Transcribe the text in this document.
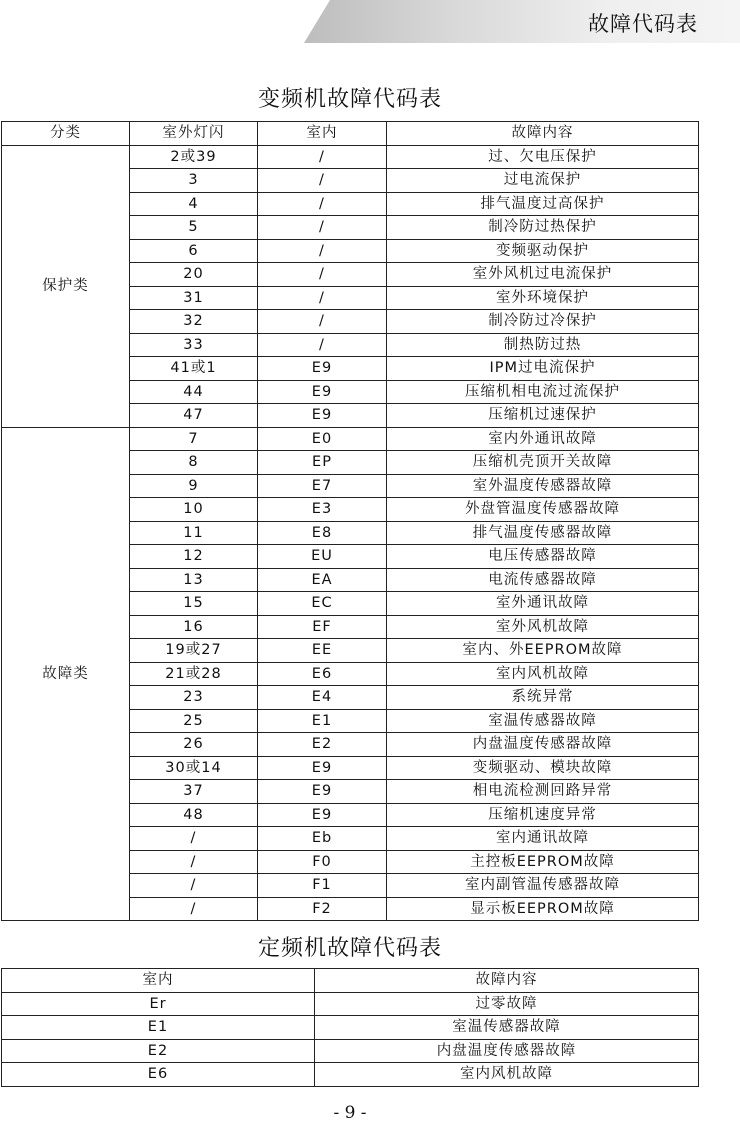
故障代码表
变频机故障代码表
分类	室外灯闪	室内	故障内容
保护类	2或39	/	过、欠电压保护
	3	/	过电流保护
	4	/	排气温度过高保护
	5	/	制冷防过热保护
	6	/	变频驱动保护
	20	/	室外风机过电流保护
	31	/	室外环境保护
	32	/	制冷防过冷保护
	33	/	制热防过热
	41或1	E9	IPM过电流保护
	44	E9	压缩机相电流过流保护
	47	E9	压缩机过速保护
故障类	7	E0	室内外通讯故障
	8	EP	压缩机壳顶开关故障
	9	E7	室外温度传感器故障
	10	E3	外盘管温度传感器故障
	11	E8	排气温度传感器故障
	12	EU	电压传感器故障
	13	EA	电流传感器故障
	15	EC	室外通讯故障
	16	EF	室外风机故障
	19或27	EE	室内、外EEPROM故障
	21或28	E6	室内风机故障
	23	E4	系统异常
	25	E1	室温传感器故障
	26	E2	内盘温度传感器故障
	30或14	E9	变频驱动、模块故障
	37	E9	相电流检测回路异常
	48	E9	压缩机速度异常
	/	Eb	室内通讯故障
	/	F0	主控板EEPROM故障
	/	F1	室内副管温传感器故障
	/	F2	显示板EEPROM故障
定频机故障代码表
室内	故障内容
Er	过零故障
E1	室温传感器故障
E2	内盘温度传感器故障
E6	室内风机故障
- 9 -
